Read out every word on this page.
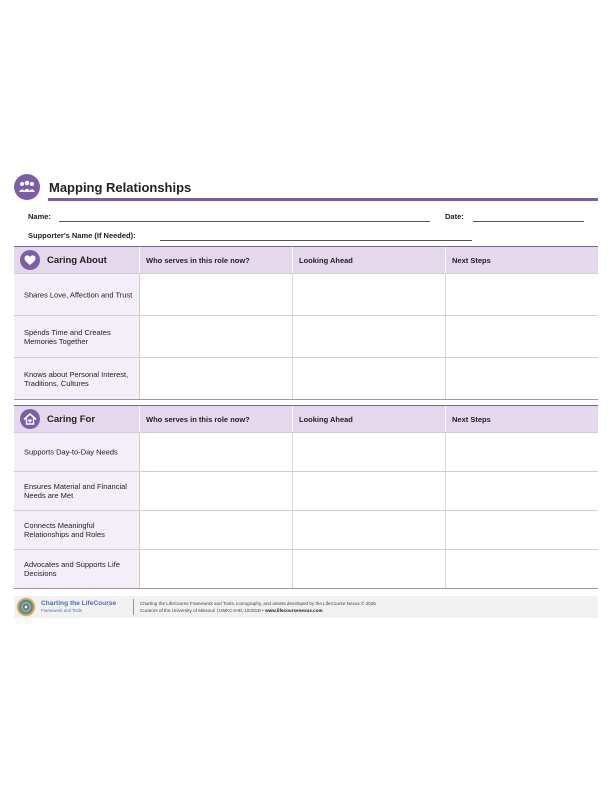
Mapping Relationships
Name:	Date:
Supporter's Name (If Needed):
Caring About	Who serves in this role now?	Looking Ahead	Next Steps
Shares Love, Affection and Trust
Spends Time and Creates Memories Together
Knows about Personal Interest, Traditions, Cultures
Caring For	Who serves in this role now?	Looking Ahead	Next Steps
Supports Day-to-Day Needs
Ensures Material and Financial Needs are Met
Connects Meaningful Relationships and Roles
Advocates and Supports Life Decisions
Charting the LifeCourse
Framework and Tools
Charting the LifeCourse Framework and Tools, iconography, and assets developed by the LifeCourse Nexus © 2025
Curators of the University of Missouri | UMKC-IHD, UCEDD • www.lifecoursenexus.com
